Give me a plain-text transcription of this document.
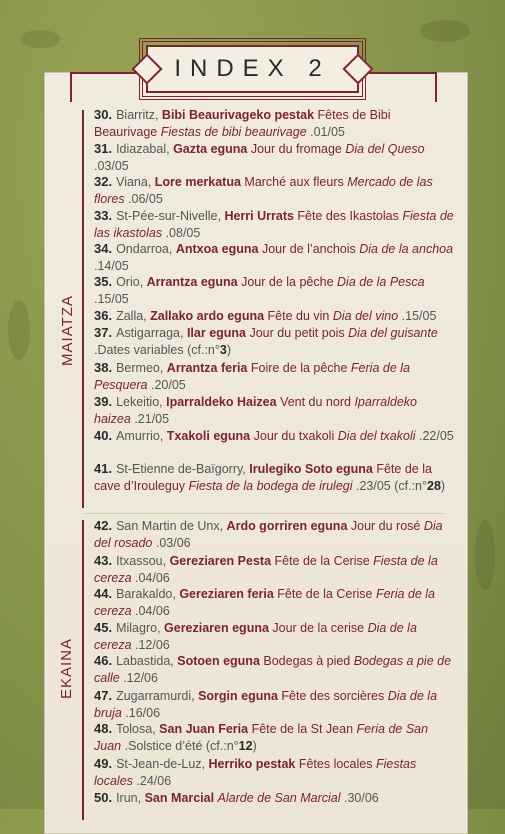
INDEX 2
MAIATZA
EKAINA
30. Biarritz, Bibi Beaurivageko pestak Fêtes de Bibi Beaurivage Fiestas de bibi beaurivage .01/05
31. Idiazabal, Gazta eguna Jour du fromage Dia del Queso .03/05
32. Viana, Lore merkatua Marché aux fleurs Mercado de las flores .06/05
33. St-Pée-sur-Nivelle, Herri Urrats Fête des Ikastolas Fiesta de las ikastolas .08/05
34. Ondarroa, Antxoa eguna Jour de l’anchois Dia de la anchoa .14/05
35. Orio, Arrantza eguna Jour de la pêche Dia de la Pesca .15/05
36. Zalla, Zallako ardo eguna Fête du vin Dia del vino .15/05
37. Astigarraga, Ilar eguna Jour du petit pois Dia del guisante .Dates variables (cf.:n°3)
38. Bermeo, Arrantza feria Foire de la pêche Feria de la Pesquera .20/05
39. Lekeitio, Iparraldeko Haizea Vent du nord Iparraldeko haizea .21/05
40. Amurrio, Txakoli eguna Jour du txakoli Dia del txakoli .22/05
41. St-Etienne de-Baïgorry, Irulegiko Soto eguna Fête de la cave d’Irouleguy Fiesta de la bodega de irulegi .23/05 (cf.:n°28)
42. San Martin de Unx, Ardo gorriren eguna Jour du rosé Dia del rosado .03/06
43. Itxassou, Gereziaren Pesta Fête de la Cerise Fiesta de la cereza .04/06
44. Barakaldo, Gereziaren feria Fête de la Cerise Feria de la cereza .04/06
45. Milagro, Gereziaren eguna Jour de la cerise Dia de la cereza .12/06
46. Labastida, Sotoen eguna Bodegas à pied Bodegas a pie de calle .12/06
47. Zugarramurdi, Sorgin eguna Fête des sorcières Dia de la bruja .16/06
48. Tolosa, San Juan Feria Fête de la St Jean Feria de San Juan .Solstice d’été (cf.:n°12)
49. St-Jean-de-Luz, Herriko pestak Fêtes locales Fiestas locales .24/06
50. Irun, San Marcial Alarde de San Marcial .30/06
